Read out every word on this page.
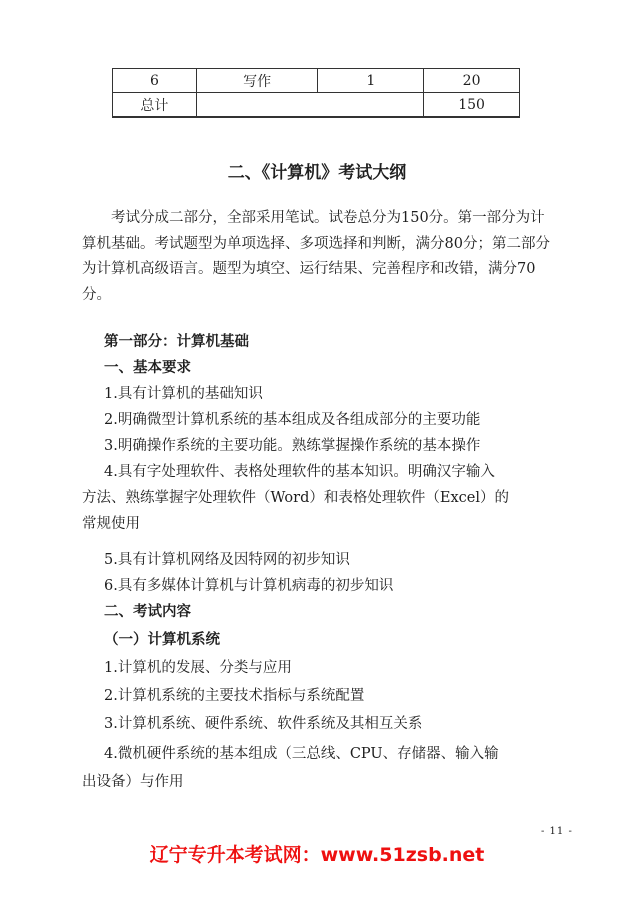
6	写作	1	20
总计			150
二、《计算机》考试大纲

考试分成二部分，全部采用笔试。试卷总分为150分。第一部分为计算机基础。考试题型为单项选择、多项选择和判断，满分80分；第二部分为计算机高级语言。题型为填空、运行结果、完善程序和改错，满分70分。

第一部分：计算机基础
一、基本要求
1.具有计算机的基础知识
2.明确微型计算机系统的基本组成及各组成部分的主要功能
3.明确操作系统的主要功能。熟练掌握操作系统的基本操作
4.具有字处理软件、表格处理软件的基本知识。明确汉字输入
方法、熟练掌握字处理软件（Word）和表格处理软件（Excel）的
常规使用
5.具有计算机网络及因特网的初步知识
6.具有多媒体计算机与计算机病毒的初步知识
二、考试内容
（一）计算机系统
1.计算机的发展、分类与应用
2.计算机系统的主要技术指标与系统配置
3.计算机系统、硬件系统、软件系统及其相互关系
4.微机硬件系统的基本组成（三总线、CPU、存储器、输入输
出设备）与作用
- 11 -
辽宁专升本考试网：www.51zsb.net
